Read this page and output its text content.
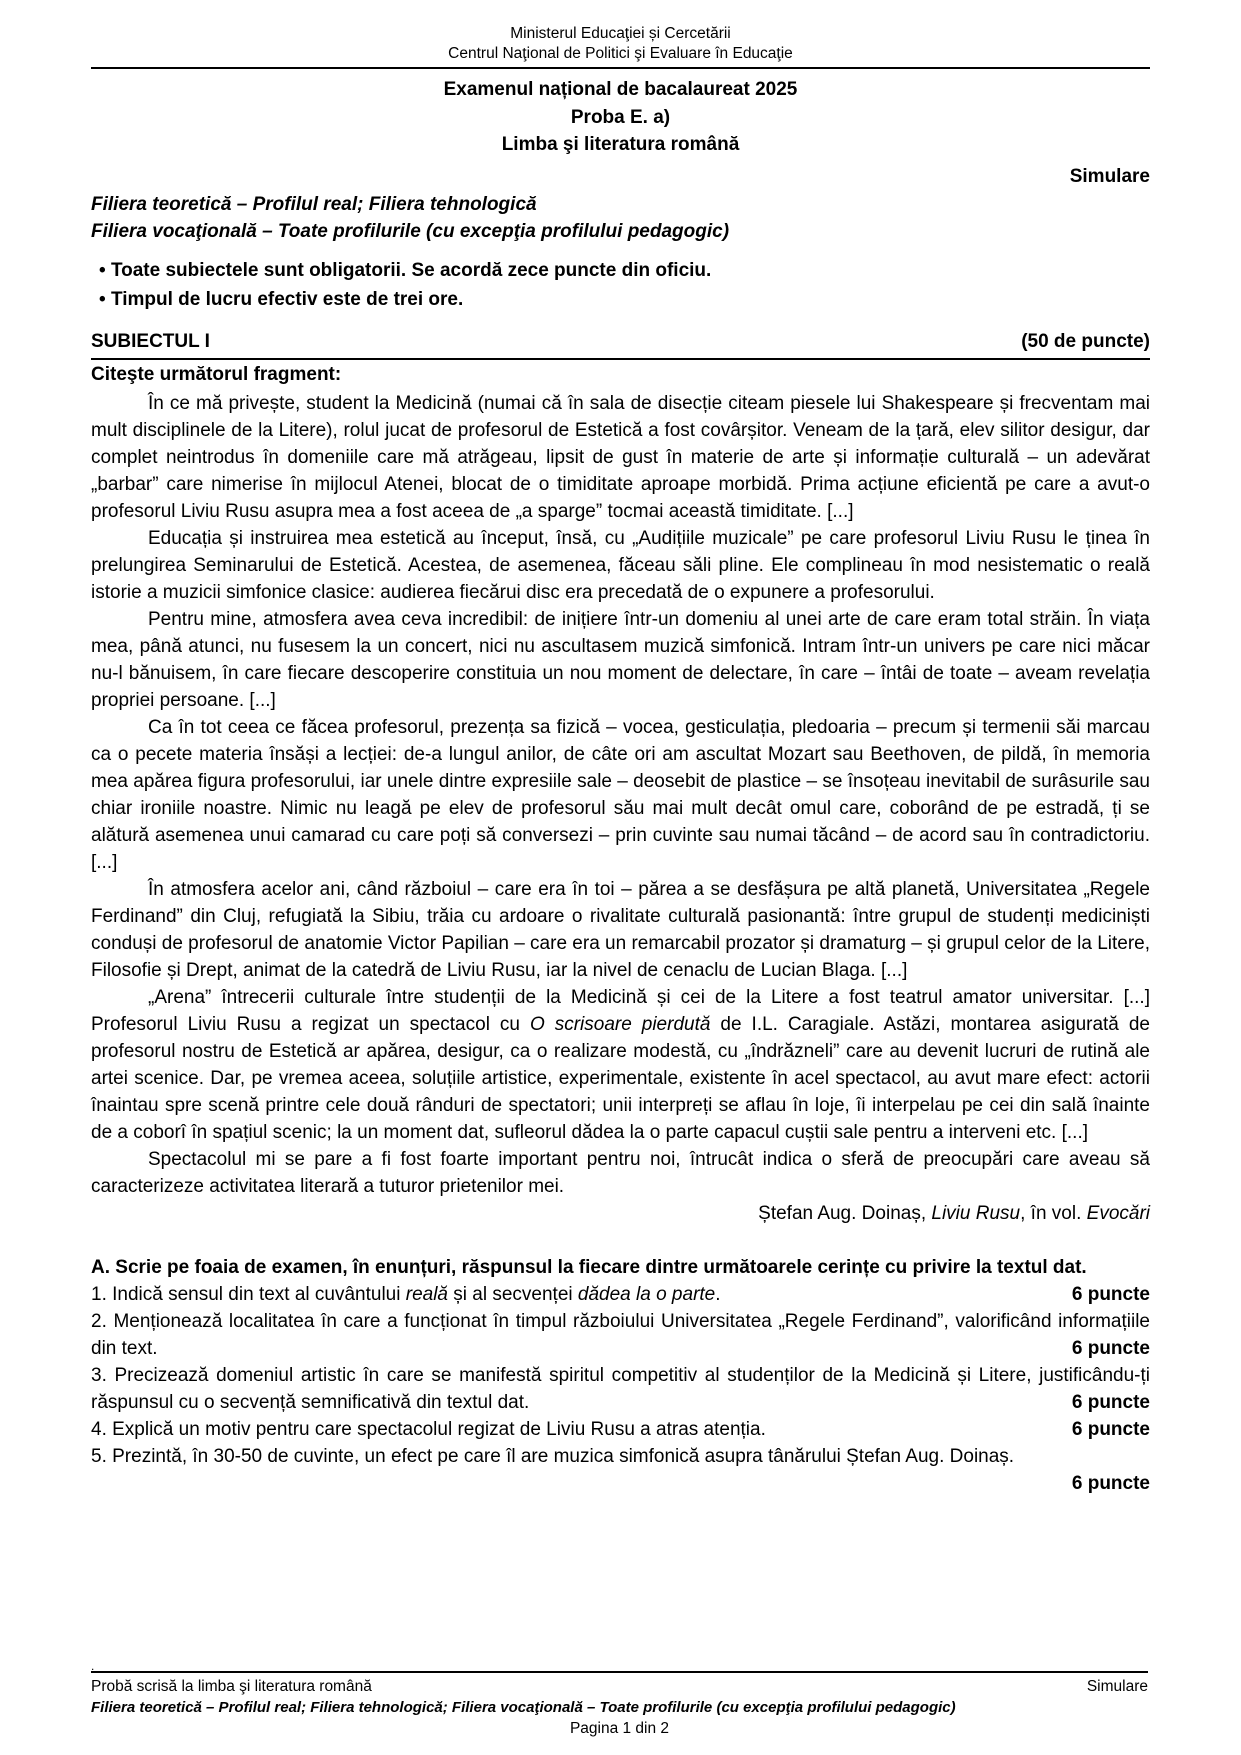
Ministerul Educaţiei și Cercetării
Centrul Naţional de Politici şi Evaluare în Educaţie
Examenul național de bacalaureat 2025
Proba E. a)
Limba şi literatura română
Simulare
Filiera teoretică – Profilul real; Filiera tehnologică
Filiera vocaţională – Toate profilurile (cu excepţia profilului pedagogic)
• Toate subiectele sunt obligatorii. Se acordă zece puncte din oficiu.
• Timpul de lucru efectiv este de trei ore.
SUBIECTUL I	(50 de puncte)
Citeşte următorul fragment:

În ce mă privește, student la Medicină (numai că în sala de disecție citeam piesele lui Shakespeare și frecventam mai mult disciplinele de la Litere), rolul jucat de profesorul de Estetică a fost covârșitor. Veneam de la țară, elev silitor desigur, dar complet neintrodus în domeniile care mă atrăgeau, lipsit de gust în materie de arte și informație culturală – un adevărat „barbar” care nimerise în mijlocul Atenei, blocat de o timiditate aproape morbidă. Prima acțiune eficientă pe care a avut-o profesorul Liviu Rusu asupra mea a fost aceea de „a sparge” tocmai această timiditate. [...]

Educația și instruirea mea estetică au început, însă, cu „Audițiile muzicale” pe care profesorul Liviu Rusu le ținea în prelungirea Seminarului de Estetică. Acestea, de asemenea, făceau săli pline. Ele complineau în mod nesistematic o reală istorie a muzicii simfonice clasice: audierea fiecărui disc era precedată de o expunere a profesorului.

Pentru mine, atmosfera avea ceva incredibil: de inițiere într-un domeniu al unei arte de care eram total străin. În viața mea, până atunci, nu fusesem la un concert, nici nu ascultasem muzică simfonică. Intram într-un univers pe care nici măcar nu-l bănuisem, în care fiecare descoperire constituia un nou moment de delectare, în care – întâi de toate – aveam revelația propriei persoane. [...]

Ca în tot ceea ce făcea profesorul, prezența sa fizică – vocea, gesticulația, pledoaria – precum și termenii săi marcau ca o pecete materia însăși a lecției: de-a lungul anilor, de câte ori am ascultat Mozart sau Beethoven, de pildă, în memoria mea apărea figura profesorului, iar unele dintre expresiile sale – deosebit de plastice – se însoțeau inevitabil de surâsurile sau chiar ironiile noastre. Nimic nu leagă pe elev de profesorul său mai mult decât omul care, coborând de pe estradă, ți se alătură asemenea unui camarad cu care poți să conversezi – prin cuvinte sau numai tăcând – de acord sau în contradictoriu. [...]

În atmosfera acelor ani, când războiul – care era în toi – părea a se desfășura pe altă planetă, Universitatea „Regele Ferdinand” din Cluj, refugiată la Sibiu, trăia cu ardoare o rivalitate culturală pasionantă: între grupul de studenți mediciniști conduși de profesorul de anatomie Victor Papilian – care era un remarcabil prozator și dramaturg – și grupul celor de la Litere, Filosofie și Drept, animat de la catedră de Liviu Rusu, iar la nivel de cenaclu de Lucian Blaga. [...]

„Arena” întrecerii culturale între studenții de la Medicină și cei de la Litere a fost teatrul amator universitar. [...] Profesorul Liviu Rusu a regizat un spectacol cu O scrisoare pierdută de I.L. Caragiale. Astăzi, montarea asigurată de profesorul nostru de Estetică ar apărea, desigur, ca o realizare modestă, cu „îndrăzneli” care au devenit lucruri de rutină ale artei scenice. Dar, pe vremea aceea, soluțiile artistice, experimentale, existente în acel spectacol, au avut mare efect: actorii înaintau spre scenă printre cele două rânduri de spectatori; unii interpreți se aflau în loje, îi interpelau pe cei din sală înainte de a coborî în spațiul scenic; la un moment dat, sufleorul dădea la o parte capacul cuștii sale pentru a interveni etc. [...]

Spectacolul mi se pare a fi fost foarte important pentru noi, întrucât indica o sferă de preocupări care aveau să caracterizeze activitatea literară a tuturor prietenilor mei.

Ștefan Aug. Doinaș, Liviu Rusu, în vol. Evocări
A. Scrie pe foaia de examen, în enunțuri, răspunsul la fiecare dintre următoarele cerințe cu privire la textul dat.
6 puncte
1. Indică sensul din text al cuvântului reală și al secvenței dădea la o parte.
2. Menționează localitatea în care a funcționat în timpul războiului Universitatea „Regele Ferdinand”, valorificând informațiile din text.	6 puncte
3. Precizează domeniul artistic în care se manifestă spiritul competitiv al studenților de la Medicină și Litere, justificându-ți răspunsul cu o secvență semnificativă din textul dat.	6 puncte
6 puncte
4. Explică un motiv pentru care spectacolul regizat de Liviu Rusu a atras atenția.
5. Prezintă, în 30-50 de cuvinte, un efect pe care îl are muzica simfonică asupra tânărului Ștefan Aug. Doinaș.
6 puncte
.
Probă scrisă la limba şi literatura română	Simulare
Filiera teoretică – Profilul real; Filiera tehnologică; Filiera vocaţională – Toate profilurile (cu excepţia profilului pedagogic)
Pagina 1 din 2
